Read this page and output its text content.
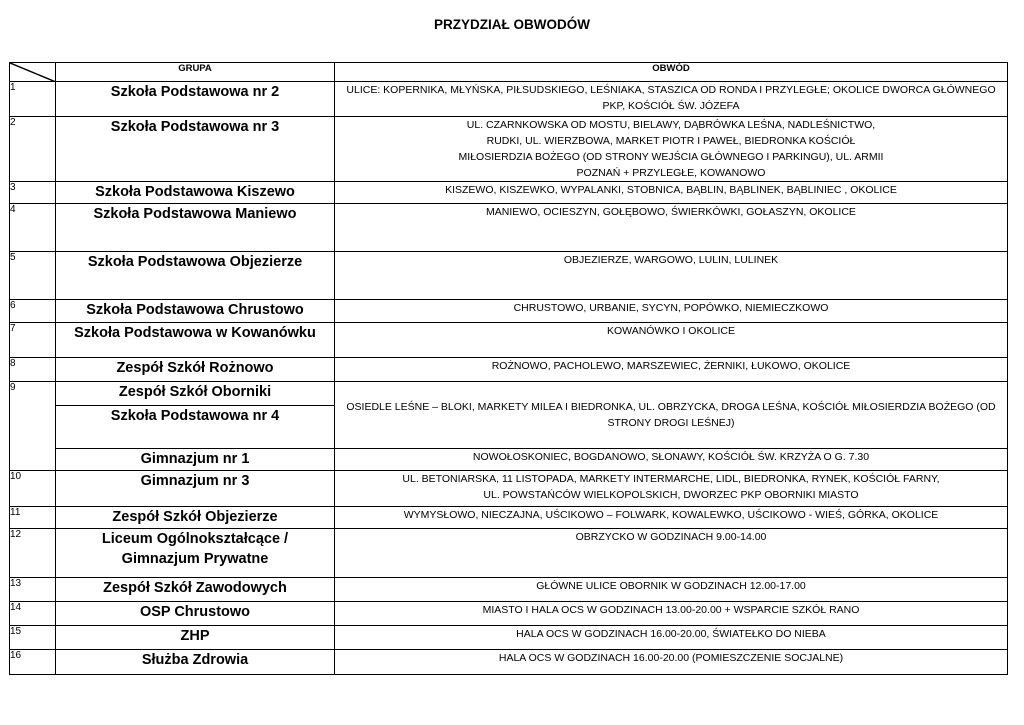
PRZYDZIAŁ OBWODÓW
	GRUPA	OBWÓD
1	Szkoła Podstawowa nr 2	ULICE: KOPERNIKA, MŁYŃSKA, PIŁSUDSKIEGO, LEŚNIAKA, STASZICA OD RONDA I PRZYLEGŁE; OKOLICE DWORCA GŁÓWNEGO PKP, KOŚCIÓŁ ŚW. JÓZEFA
2	Szkoła Podstawowa nr 3	UL. CZARNKOWSKA OD MOSTU, BIELAWY, DĄBRÓWKA LEŚNA, NADLEŚNICTWO, RUDKI, UL. WIERZBOWA, MARKET PIOTR I PAWEŁ, BIEDRONKA KOŚCIÓŁ MIŁOSIERDZIA BOŻEGO (OD STRONY WEJŚCIA GŁÓWNEGO I PARKINGU), UL. ARMII POZNAŃ + PRZYLEGŁE, KOWANOWO
3	Szkoła Podstawowa Kiszewo	KISZEWO, KISZEWKO, WYPALANKI, STOBNICA, BĄBLIN, BĄBLINEK, BĄBLINIEC , OKOLICE
4	Szkoła Podstawowa Maniewo	MANIEWO, OCIESZYN, GOŁĘBOWO, ŚWIERKÓWKI, GOŁASZYN, OKOLICE
5	Szkoła Podstawowa Objezierze	OBJEZIERZE, WARGOWO, LULIN, LULINEK
6	Szkoła Podstawowa Chrustowo	CHRUSTOWO, URBANIE, SYCYN, POPÓWKO, NIEMIECZKOWO
7	Szkoła Podstawowa w Kowanówku	KOWANÓWKO I OKOLICE
8	Zespół Szkół Rożnowo	ROŻNOWO, PACHOLEWO, MARSZEWIEC, ŻERNIKI, ŁUKOWO, OKOLICE
9	Zespół Szkół Oborniki	OSIEDLE LEŚNE – BLOKI, MARKETY MILEA I BIEDRONKA, UL. OBRZYCKA, DROGA LEŚNA, KOŚCIÓŁ MIŁOSIERDZIA BOŻEGO (OD STRONY DROGI LEŚNEJ)
	Szkoła Podstawowa nr 4	
	Gimnazjum nr 1	NOWOŁOSKONIEC, BOGDANOWO, SŁONAWY, KOŚCIÓŁ ŚW. KRZYŻA O G. 7.30
10	Gimnazjum nr 3	UL. BETONIARSKA, 11 LISTOPADA, MARKETY INTERMARCHE, LIDL, BIEDRONKA, RYNEK, KOŚCIÓŁ FARNY, UL. POWSTAŃCÓW WIELKOPOLSKICH, DWORZEC PKP OBORNIKI MIASTO
11	Zespół Szkół Objezierze	WYMYSŁOWO, NIECZAJNA, UŚCIKOWO – FOLWARK, KOWALEWKO, UŚCIKOWO - WIEŚ, GÓRKA, OKOLICE
12	Liceum Ogólnokształcące / Gimnazjum Prywatne	OBRZYCKO W GODZINACH 9.00-14.00
13	Zespół Szkół Zawodowych	GŁÓWNE ULICE OBORNIK W GODZINACH 12.00-17.00
14	OSP Chrustowo	MIASTO I HALA OCS W GODZINACH 13.00-20.00 + WSPARCIE SZKÓŁ RANO
15	ZHP	HALA OCS W GODZINACH 16.00-20.00, ŚWIATEŁKO DO NIEBA
16	Służba Zdrowia	HALA OCS W GODZINACH 16.00-20.00 (POMIESZCZENIE SOCJALNE)
